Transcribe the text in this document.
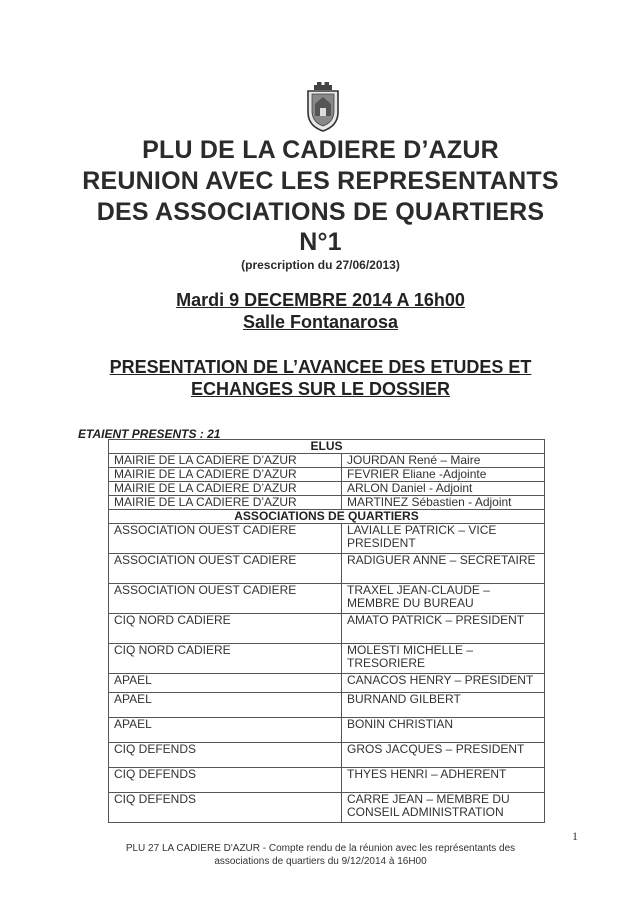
PLU DE LA CADIERE D’AZUR
REUNION AVEC LES REPRESENTANTS
DES ASSOCIATIONS DE QUARTIERS
N°1
(prescription du 27/06/2013)
Mardi 9 DECEMBRE 2014 A 16h00
Salle Fontanarosa
PRESENTATION DE L’AVANCEE DES ETUDES ET
ECHANGES SUR LE DOSSIER
ETAIENT PRESENTS : 21
ELUS	
MAIRIE DE LA CADIERE D’AZUR	JOURDAN René – Maire
MAIRIE DE LA CADIERE D’AZUR	FEVRIER Eliane -Adjointe
MAIRIE DE LA CADIERE D’AZUR	ARLON Daniel - Adjoint
MAIRIE DE LA CADIERE D’AZUR	MARTINEZ Sébastien - Adjoint
ASSOCIATIONS DE QUARTIERS	
ASSOCIATION OUEST CADIERE	LAVIALLE PATRICK – VICE
PRESIDENT

ASSOCIATION OUEST CADIERE	RADIGUER ANNE – SECRETAIRE

ASSOCIATION OUEST CADIERE	TRAXEL JEAN-CLAUDE –
MEMBRE DU BUREAU

CIQ NORD CADIERE	AMATO PATRICK – PRESIDENT

CIQ NORD CADIERE	MOLESTI MICHELLE –
TRESORIERE

APAEL	CANACOS HENRY – PRESIDENT

APAEL	BURNAND GILBERT

APAEL	BONIN CHRISTIAN

CIQ DEFENDS	GROS JACQUES – PRESIDENT

CIQ DEFENDS	THYES HENRI – ADHERENT

CIQ DEFENDS	CARRE JEAN – MEMBRE DU
CONSEIL ADMINISTRATION
1
PLU 27 LA CADIERE D'AZUR - Compte rendu de la réunion avec les représentants des
associations de quartiers du 9/12/2014 à 16H00
